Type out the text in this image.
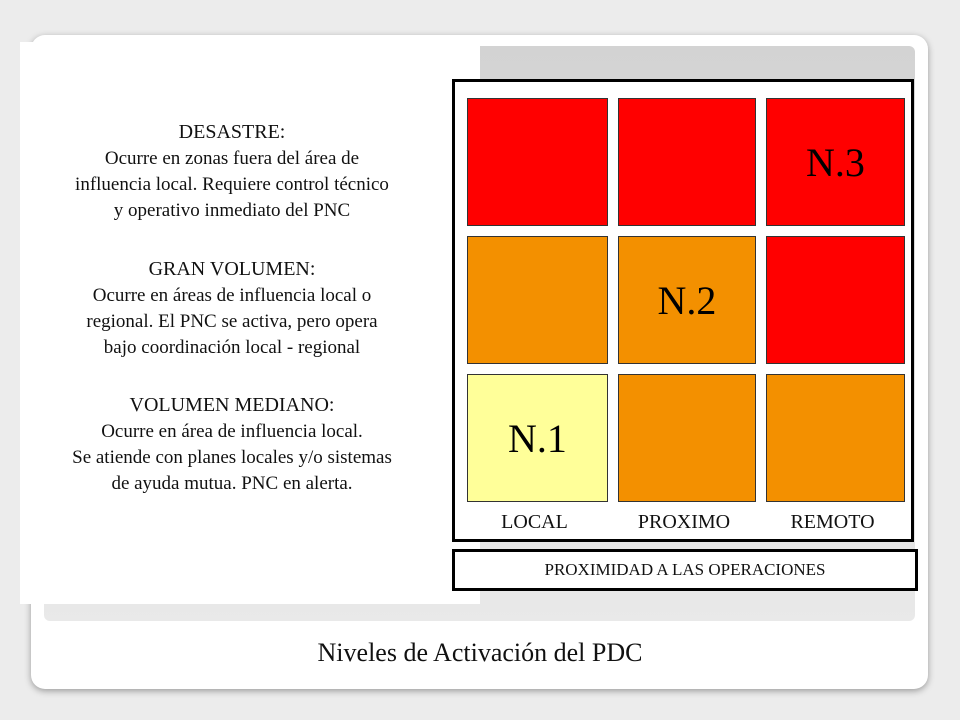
DESASTRE:
Ocurre en zonas fuera del área de
influencia local. Requiere control técnico
y operativo inmediato del PNC
GRAN VOLUMEN:
Ocurre en áreas de influencia local o
regional. El PNC se activa, pero opera
bajo coordinación local - regional
VOLUMEN MEDIANO:
Ocurre en área de influencia local.
Se atiende con planes locales y/o sistemas
de ayuda mutua. PNC en alerta.
N.3
N.2
N.1
LOCAL	PROXIMO	REMOTO
PROXIMIDAD A LAS OPERACIONES
Niveles de Activación del PDC
